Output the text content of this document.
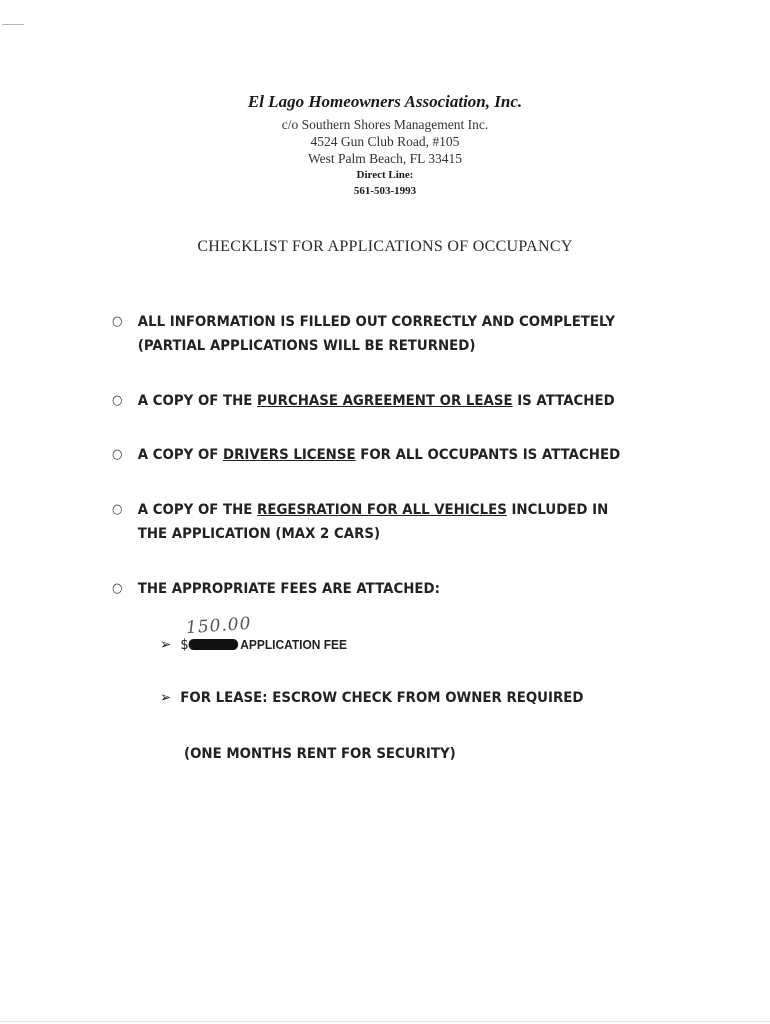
El Lago Homeowners Association, Inc.
c/o Southern Shores Management Inc.
4524 Gun Club Road, #105
West Palm Beach, FL 33415
Direct Line:
561-503-1993
CHECKLIST FOR APPLICATIONS OF OCCUPANCY
○ ALL INFORMATION IS FILLED OUT CORRECTLY AND COMPLETELY
(PARTIAL APPLICATIONS WILL BE RETURNED)
○ A COPY OF THE PURCHASE AGREEMENT OR LEASE IS ATTACHED
○ A COPY OF DRIVERS LICENSE FOR ALL OCCUPANTS IS ATTACHED
○ A COPY OF THE REGESRATION FOR ALL VEHICLES INCLUDED IN
THE APPLICATION (MAX 2 CARS)
○ THE APPROPRIATE FEES ARE ATTACHED:
150.00
➢ $	APPLICATION FEE
➢ FOR LEASE: ESCROW CHECK FROM OWNER REQUIRED
(ONE MONTHS RENT FOR SECURITY)
